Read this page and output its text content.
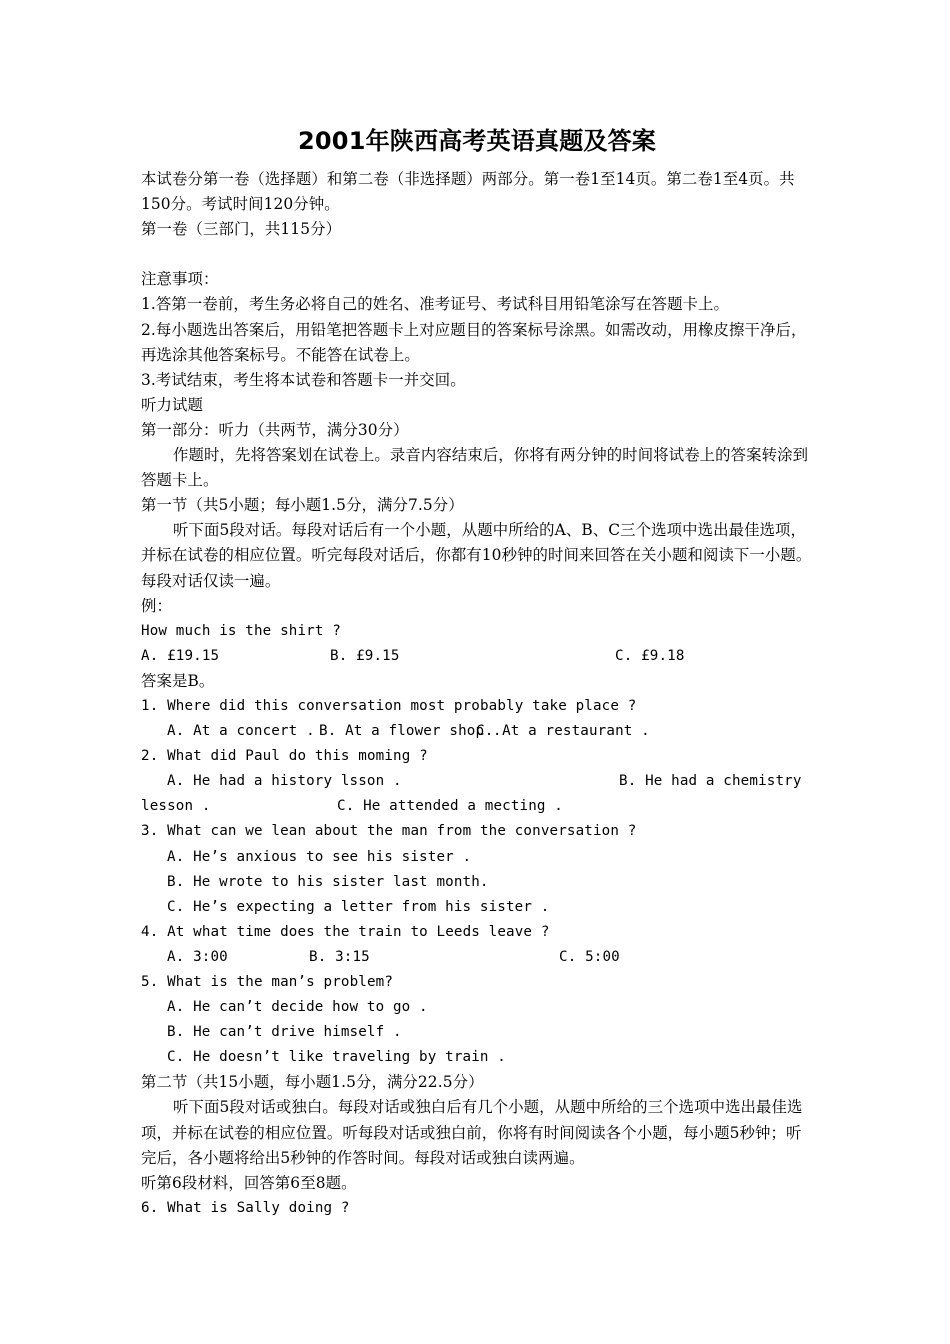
2001年陕西高考英语真题及答案

本试卷分第一卷（选择题）和第二卷（非选择题）两部分。第一卷1至14页。第二卷1至4页。共150分。考试时间120分钟。

第一卷（三部门，共115分）

注意事项：

1.答第一卷前，考生务必将自己的姓名、准考证号、考试科目用铅笔涂写在答题卡上。

2.每小题选出答案后，用铅笔把答题卡上对应题目的答案标号涂黑。如需改动，用橡皮擦干净后，再选涂其他答案标号。不能答在试卷上。

3.考试结束，考生将本试卷和答题卡一并交回。

听力试题

第一部分：听力（共两节，满分30分）

作题时，先将答案划在试卷上。录音内容结束后，你将有两分钟的时间将试卷上的答案转涂到答题卡上。

第一节（共5小题；每小题1.5分，满分7.5分）

听下面5段对话。每段对话后有一个小题，从题中所给的A、B、C三个选项中选出最佳选项，并标在试卷的相应位置。听完每段对话后，你都有10秒钟的时间来回答在关小题和阅读下一小题。每段对话仅读一遍。

例：

How much is the shirt ?

A. £19.15	B. £9.15	C. £9.18

答案是B。

1. Where did this conversation most probably take place ?

A. At a concert . B. At a flower shop .
C. At a restaurant .

2. What did Paul do this moming ?

A. He had a history lsson .	B. He had a chemistry
lesson .	C. He attended a mecting .

3. What can we lean about the man from the conversation ?

A. He’s anxious to see his sister .

B. He wrote to his sister last month.

C. He’s expecting a letter from his sister .

4. At what time does the train to Leeds leave ?

A. 3:00	B. 3:15	C. 5:00

5. What is the man’s problem?

A. He can’t decide how to go .

B. He can’t drive himself .

C. He doesn’t like traveling by train .

第二节（共15小题，每小题1.5分，满分22.5分）

听下面5段对话或独白。每段对话或独白后有几个小题，从题中所给的三个选项中选出最佳选项，并标在试卷的相应位置。听每段对话或独白前，你将有时间阅读各个小题，每小题5秒钟；听完后，各小题将给出5秒钟的作答时间。每段对话或独白读两遍。

听第6段材料，回答第6至8题。

6. What is Sally doing ?
